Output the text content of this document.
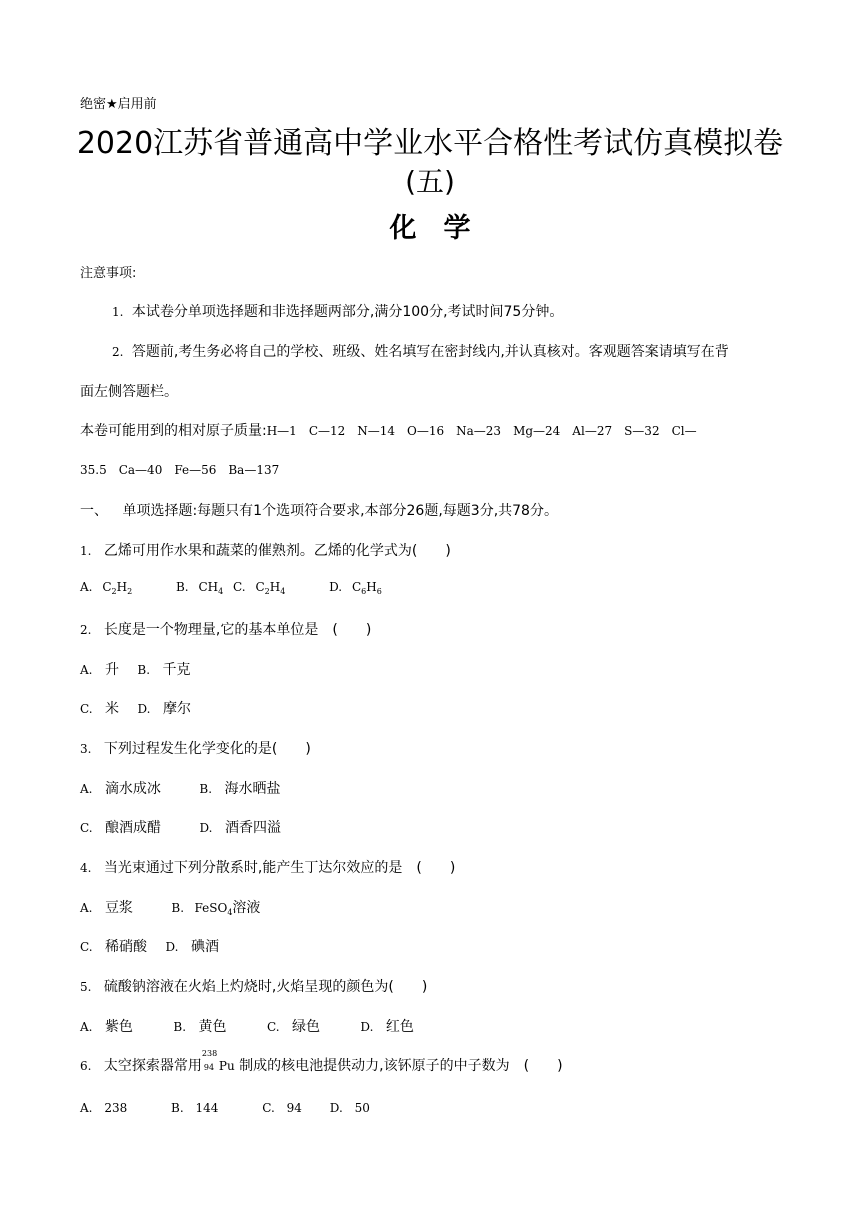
绝密★启用前
2020江苏省普通高中学业水平合格性考试仿真模拟卷
(五)
化　学
注意事项:
1. 本试卷分单项选择题和非选择题两部分,满分100分,考试时间75分钟。
2. 答题前,考生务必将自己的学校、班级、姓名填写在密封线内,并认真核对。客观题答案请填写在背
面左侧答题栏。
本卷可能用到的相对原子质量:H—1　C—12　N—14　O—16　Na—23　Mg—24　Al—27　S—32　Cl—
35.5　Ca—40　Fe—56　Ba—137
一、 单项选择题:每题只有1个选项符合要求,本部分26题,每题3分,共78分。
1. 乙烯可用作水果和蔬菜的催熟剂。乙烯的化学式为(　　)
A. $C_2H_2$	B. $CH_4$ C. $C_2H_4$	D. $C_6H_6$
2. 长度是一个物理量,它的基本单位是　(　　)
A. 升 B. 千克
C. 米 D. 摩尔
3. 下列过程发生化学变化的是(　　)
A. 滴水成冰	B. 海水晒盐
C. 酿酒成醋	D. 酒香四溢
4. 当光束通过下列分散系时,能产生丁达尔效应的是　(　　)
A. 豆浆	B. FeSO$_4$溶液
C. 稀硝酸 D. 碘酒
5. 硫酸钠溶液在火焰上灼烧时,火焰呈现的颜色为(　　)
A. 紫色	B. 黄色	C. 绿色	D. 红色
6. 太空探索器常用
238
94 Pu 制成的核电池提供动力,该钚原子的中子数为　(　　)
A. 238	B. 144	C. 94 D. 50
